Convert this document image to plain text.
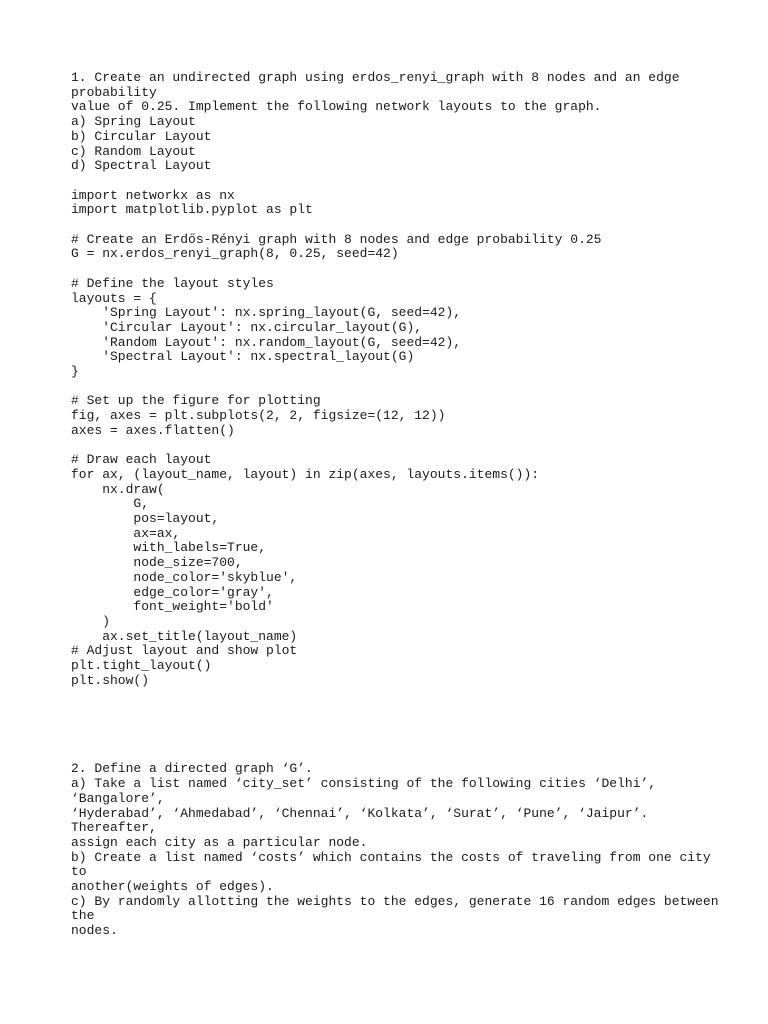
1. Create an undirected graph using erdos_renyi_graph with 8 nodes and an edge
probability
value of 0.25. Implement the following network layouts to the graph.
a) Spring Layout
b) Circular Layout
c) Random Layout
d) Spectral Layout
import networkx as nx
import matplotlib.pyplot as plt
# Create an Erdős-Rényi graph with 8 nodes and edge probability 0.25
G = nx.erdos_renyi_graph(8, 0.25, seed=42)
# Define the layout styles
layouts = {
'Spring Layout': nx.spring_layout(G, seed=42),
'Circular Layout': nx.circular_layout(G),
'Random Layout': nx.random_layout(G, seed=42),
'Spectral Layout': nx.spectral_layout(G)
}
# Set up the figure for plotting
fig, axes = plt.subplots(2, 2, figsize=(12, 12))
axes = axes.flatten()
# Draw each layout
for ax, (layout_name, layout) in zip(axes, layouts.items()):
nx.draw(
G,
pos=layout,
ax=ax,
with_labels=True,
node_size=700,
node_color='skyblue',
edge_color='gray',
font_weight='bold'
)
ax.set_title(layout_name)
# Adjust layout and show plot
plt.tight_layout()
plt.show()
2. Define a directed graph ‘G’.
a) Take a list named ‘city_set’ consisting of the following cities ‘Delhi’,
‘Bangalore’,
‘Hyderabad’, ‘Ahmedabad’, ‘Chennai’, ‘Kolkata’, ‘Surat’, ‘Pune’, ‘Jaipur’.
Thereafter,
assign each city as a particular node.
b) Create a list named ‘costs’ which contains the costs of traveling from one city
to
another(weights of edges).
c) By randomly allotting the weights to the edges, generate 16 random edges between
the
nodes.
